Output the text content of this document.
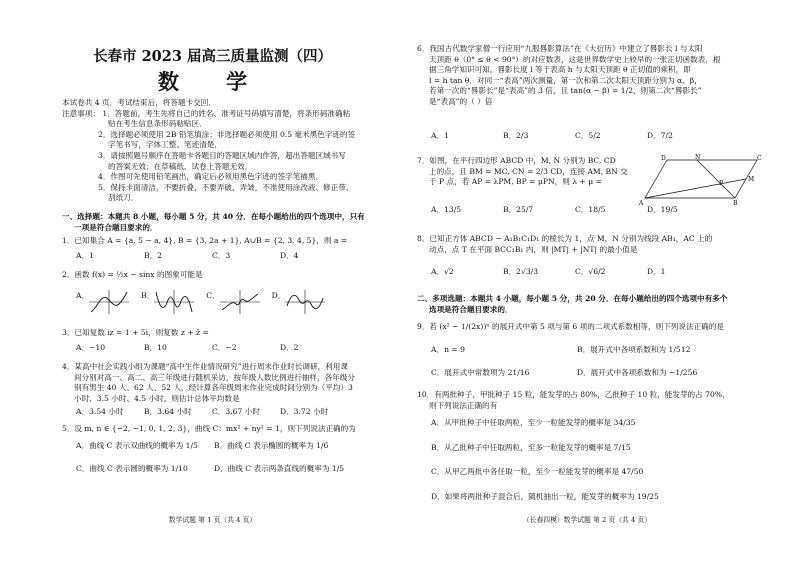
长春市 2023 届高三质量监测（四）
数 学
本试卷共 4 页．考试结束后，将答题卡交回．
注意事项： 1．答题前，考生先将自己的姓名、准考证号码填写清楚，将条形码准确粘
贴在考生信息条形码粘贴区．
2．选择题必须使用 2B 铅笔填涂；非选择题必须使用 0.5 毫米黑色字迹的签
字笔书写，字体工整、笔迹清楚．
3．请按照题号顺序在答题卡各题目的答题区域内作答，超出答题区域书写
的答案无效；在草稿纸、试卷上答题无效．
4．作图可先使用铅笔画出，确定后必须用黑色字迹的签字笔描黑．
5．保持卡面清洁，不要折叠，不要弄破、弄皱，不准使用涂改液、修正带、
刮纸刀．
一、选择题：本题共 8 小题，每小题 5 分，共 40 分．在每小题给出的四个选项中，只有
一项是符合题目要求的．
1．已知集合 A = {a, 5 − a, 4}, B = {3, 2a + 1}, A∪B = {2, 3, 4, 5}，则 a =
A．1	B．2	C．3	D．4
2．函数 f(x) = ½x − sinx 的图象可能是
A．	B．	C．	D．
3．已知复数 iz = 1 + 5i，则复数 z + z̄ =
A．−10	B．10	C．−2	D．2
4．某高中社会实践小组为课题“高中生作业情况研究”进行周末作业时长调研，利用课
间分别对高一、高二、高三年级进行随机采访，按年级人数比例进行抽样，各年级分
别有男生 40 人、62 人、52 人，经计算各年级周末作业完成时间分别为（平均）3
小时、3.5 小时、4.5 小时，则估计总体平均数是
A．3.54 小时	B．3.64 小时	C．3.67 小时	D．3.72 小时
5．设 m, n ∈ {−2, −1, 0, 1, 2, 3}，曲线 C：mx² + ny² = 1，则下列说法正确的为
A．曲线 C 表示双曲线的概率为 1/5	B．曲线 C 表示椭圆的概率为 1/6
C．曲线 C 表示圆的概率为 1/10	D．曲线 C 表示两条直线的概率为 1/5
数学试题 第 1 页（共 4 页）
6．我国古代数学家僧一行应用“九服晷影算法”在《大衍历》中建立了晷影长 l 与太阳
天顶距 θ（0° ≤ θ < 90°）的对应数表，这是世界数学史上较早的一张正切函数表．根
据三角学知识可知，晷影长度 l 等于表高 h 与太阳天顶距 θ 正切值的乘积，即
l = h tan θ．对同一“表高”两次测量，第一次和第二次太阳天顶距分别为 α、β，
若第一次的“晷影长”是“表高”的 3 倍，且 tan(α − β) = 1/2，则第二次“晷影长”
是“表高”的（ ）倍
A．1	B．2/3	C．5/2	D．7/2
7．如图，在平行四边形 ABCD 中，M, N 分别为 BC, CD
上的点，且 BM = MC, CN = 2/3 CD，连接 AM, BN 交
于 P 点，若 AP = λPM, BP = μPN，则 λ + μ =
D	N	C
A
P
M
B
A．13/5	B．25/7	C．18/5	D．19/5
8．已知正方体 ABCD − A₁B₁C₁D₁ 的棱长为 1，点 M，N 分别为线段 AB₁，AC 上的
动点，点 T 在平面 BCC₁B₁ 内，则 |MT| + |NT| 的最小值是
A．√2	B．2√3/3	C．√6/2	D．1
二、多项选题：本题共 4 小题，每小题 5 分，共 20 分．在每小题给出的四个选项中有多个
选项是符合题目要求的．
9．若 (x² − 1/(2x))ⁿ 的展开式中第 5 项与第 6 项的二项式系数相等，则下列说法正确的是
A．n = 9	B．展开式中各项系数和为 1/512
C．展开式中常数项为 21/16	D．展开式中各项系数和为 −1/256
10．有两批种子，甲批种子 15 粒，能发芽的占 80%，乙批种子 10 粒，能发芽的占 70%，
则下列说法正确的有
A．从甲批种子中任取两粒，至少一粒能发芽的概率是 34/35
B．从乙批种子中任取两粒，至多一粒能发芽的概率是 7/15
C．从甲乙两批中各任取一粒，至少一粒能发芽的概率是 47/50
D．如果将两批种子混合后，随机抽出一粒，能发芽的概率为 19/25
（长春四模）数学试题 第 2 页（共 4 页）
